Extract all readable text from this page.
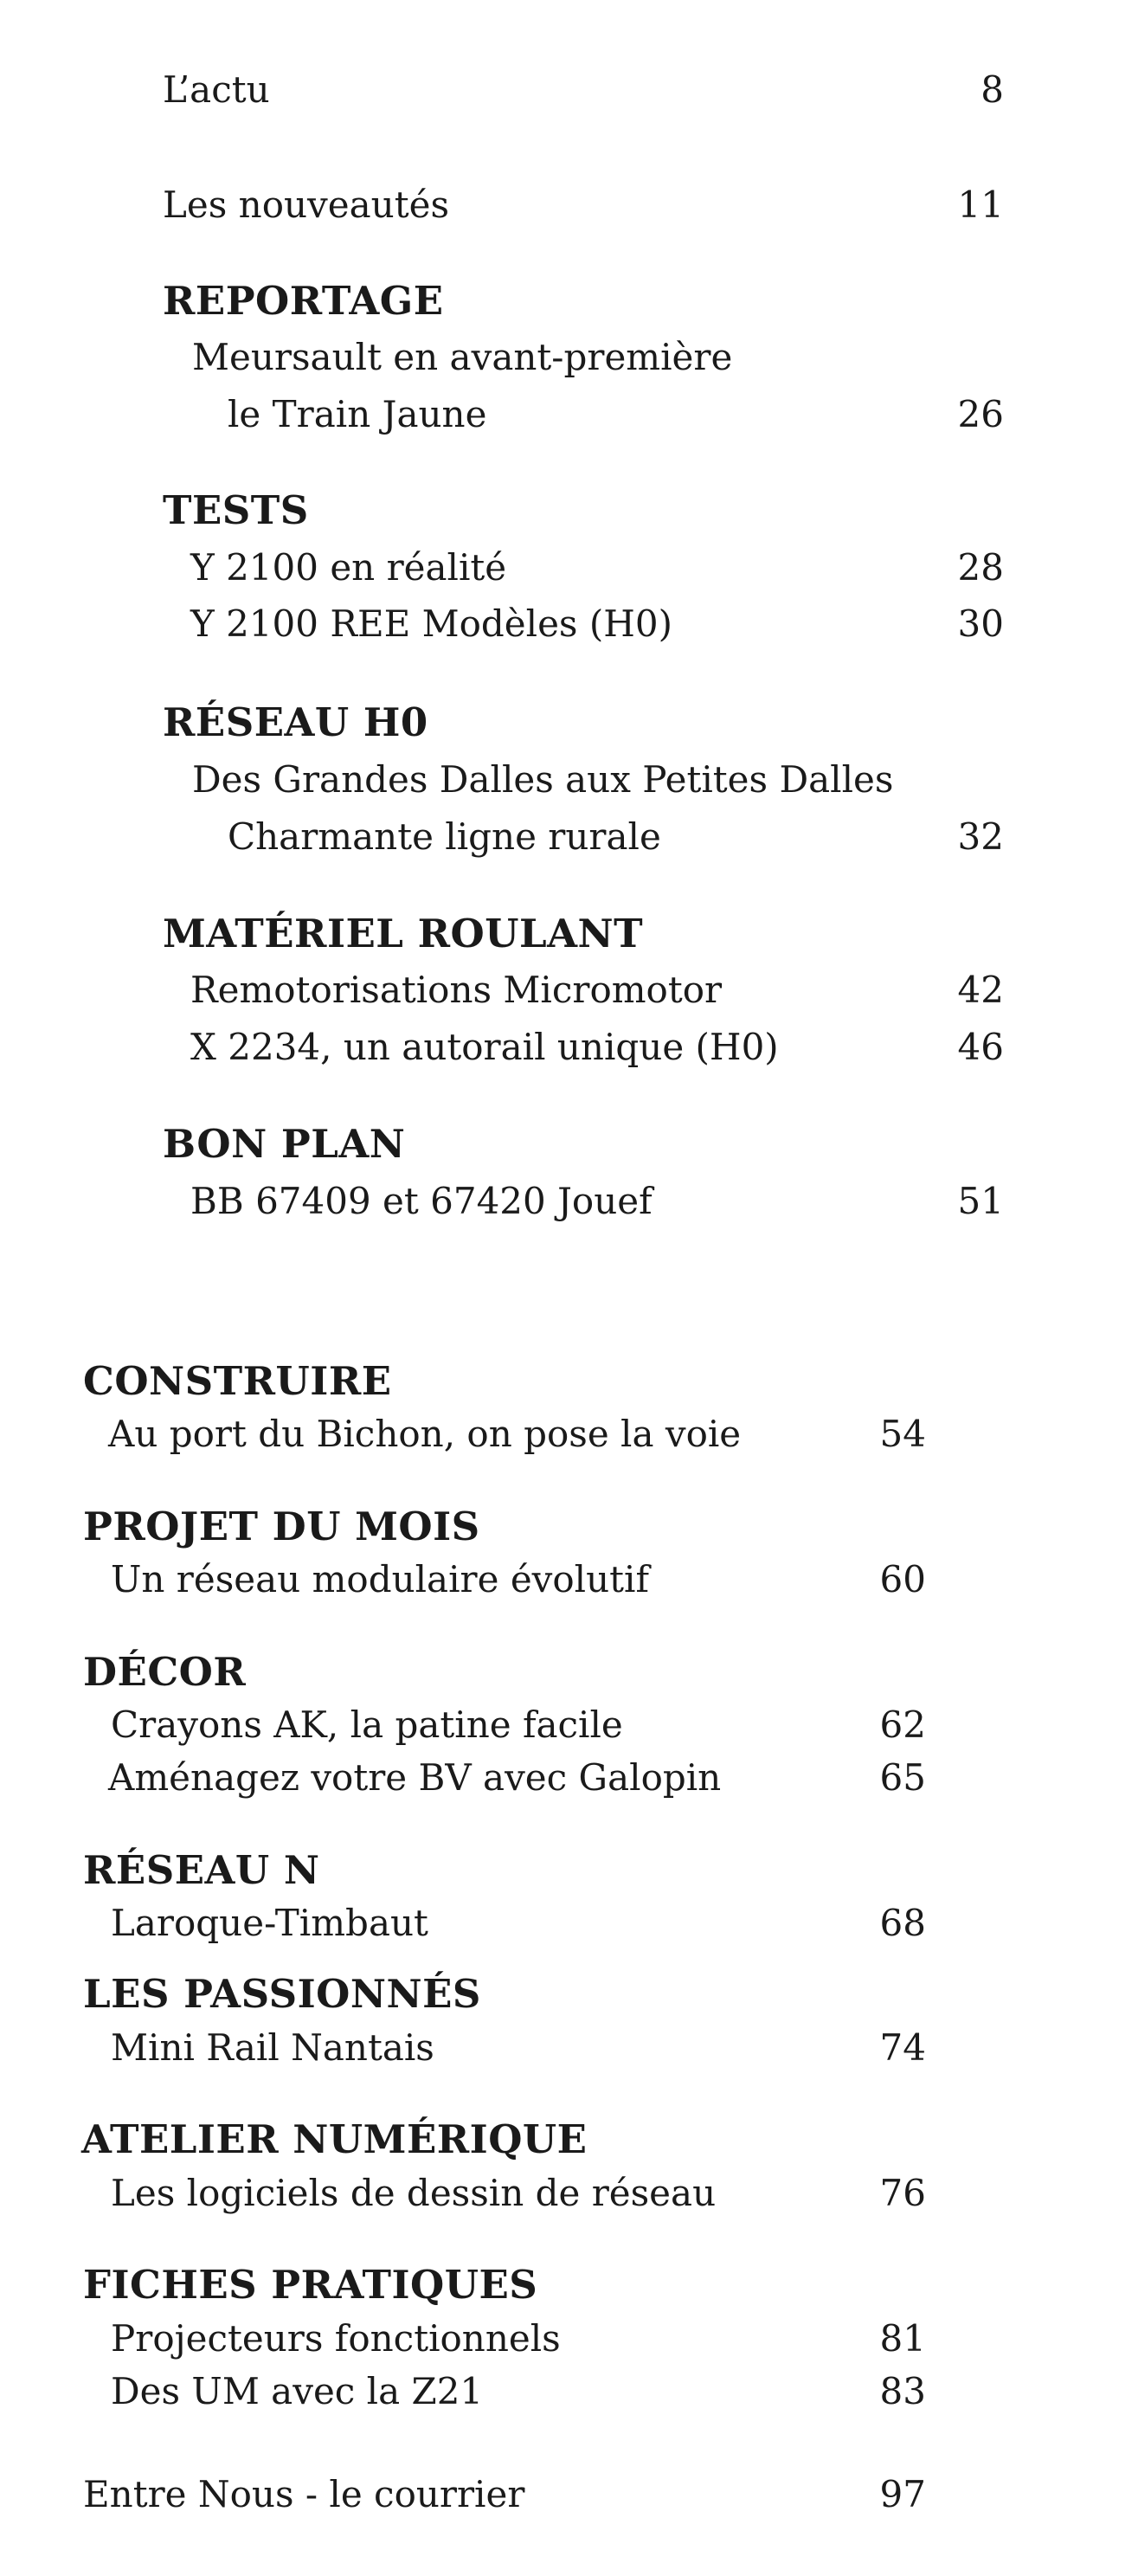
L’actu	8
Les nouveautés	11
REPORTAGE
Meursault en avant-première
le Train Jaune	26
TESTS
Y 2100 en réalité	28
Y 2100 REE Modèles (H0)	30
RÉSEAU H0
Des Grandes Dalles aux Petites Dalles
Charmante ligne rurale	32
MATÉRIEL ROULANT
Remotorisations Micromotor	42
X 2234, un autorail unique (H0)	46
BON PLAN
BB 67409 et 67420 Jouef	51
CONSTRUIRE
Au port du Bichon, on pose la voie	54
PROJET DU MOIS
Un réseau modulaire évolutif	60
DÉCOR
Crayons AK, la patine facile	62
Aménagez votre BV avec Galopin	65
RÉSEAU N
Laroque-Timbaut	68
LES PASSIONNÉS
Mini Rail Nantais	74
ATELIER NUMÉRIQUE
Les logiciels de dessin de réseau	76
FICHES PRATIQUES
Projecteurs fonctionnels	81
Des UM avec la Z21	83
Entre Nous - le courrier	97
